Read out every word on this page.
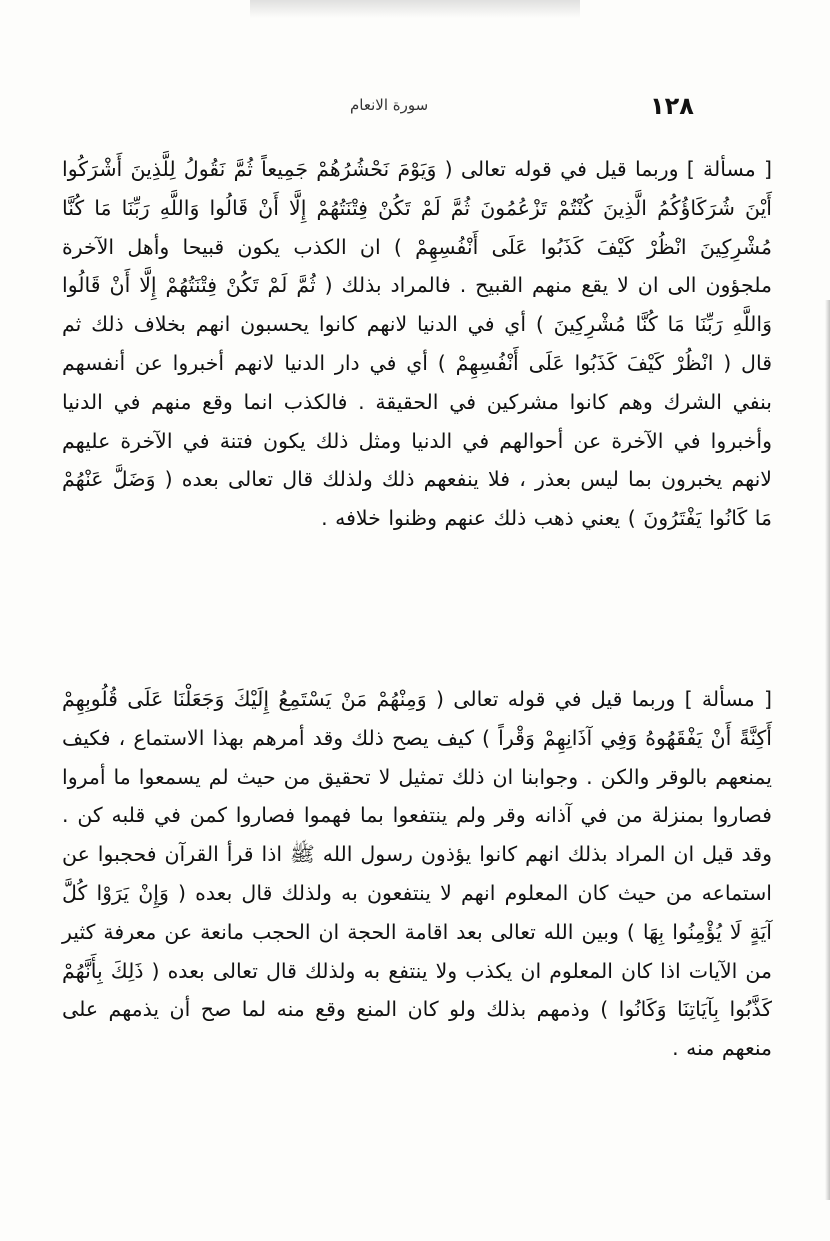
سورة الانعام	١٢٨

[ مسألة ] وربما قيل في قوله تعالى ( وَيَوْمَ نَحْشُرُهُمْ جَمِيعاً ثُمَّ نَقُولُ لِلَّذِينَ أَشْرَكُوا أَيْنَ شُرَكَاؤُكُمُ الَّذِينَ كُنْتُمْ تَزْعُمُونَ ثُمَّ لَمْ تَكُنْ فِتْنَتُهُمْ إِلَّا أَنْ قَالُوا وَاللَّهِ رَبِّنَا مَا كُنَّا مُشْرِكِينَ انْظُرْ كَيْفَ كَذَبُوا عَلَى أَنْفُسِهِمْ ) ان الكذب يكون قبيحا وأهل الآخرة ملجؤون الى ان لا يقع منهم القبيح . فالمراد بذلك ( ثُمَّ لَمْ تَكُنْ فِتْنَتُهُمْ إِلَّا أَنْ قَالُوا وَاللَّهِ رَبِّنَا مَا كُنَّا مُشْرِكِينَ ) أي في الدنيا لانهم كانوا يحسبون انهم بخلاف ذلك ثم قال ( انْظُرْ كَيْفَ كَذَبُوا عَلَى أَنْفُسِهِمْ ) أي في دار الدنيا لانهم أخبروا عن أنفسهم بنفي الشرك وهم كانوا مشركين في الحقيقة . فالكذب انما وقع منهم في الدنيا وأخبروا في الآخرة عن أحوالهم في الدنيا ومثل ذلك يكون فتنة في الآخرة عليهم لانهم يخبرون بما ليس بعذر ، فلا ينفعهم ذلك ولذلك قال تعالى بعده ( وَضَلَّ عَنْهُمْ مَا كَانُوا يَفْتَرُونَ ) يعني ذهب ذلك عنهم وظنوا خلافه .

[ مسألة ] وربما قيل في قوله تعالى ( وَمِنْهُمْ مَنْ يَسْتَمِعُ إِلَيْكَ وَجَعَلْنَا عَلَى قُلُوبِهِمْ أَكِنَّةً أَنْ يَفْقَهُوهُ وَفِي آذَانِهِمْ وَقْراً ) كيف يصح ذلك وقد أمرهم بهذا الاستماع ، فكيف يمنعهم بالوقر والكن . وجوابنا ان ذلك تمثيل لا تحقيق من حيث لم يسمعوا ما أمروا فصاروا بمنزلة من في آذانه وقر ولم ينتفعوا بما فهموا فصاروا كمن في قلبه كن . وقد قيل ان المراد بذلك انهم كانوا يؤذون رسول الله ﷺ اذا قرأ القرآن فحجبوا عن استماعه من حيث كان المعلوم انهم لا ينتفعون به ولذلك قال بعده ( وَإِنْ يَرَوْا كُلَّ آيَةٍ لَا يُؤْمِنُوا بِهَا ) وبين الله تعالى بعد اقامة الحجة ان الحجب مانعة عن معرفة كثير من الآيات اذا كان المعلوم ان يكذب ولا ينتفع به ولذلك قال تعالى بعده ( ذَلِكَ بِأَنَّهُمْ كَذَّبُوا بِآيَاتِنَا وَكَانُوا ) وذمهم بذلك ولو كان المنع وقع منه لما صح أن يذمهم على منعهم منه .
